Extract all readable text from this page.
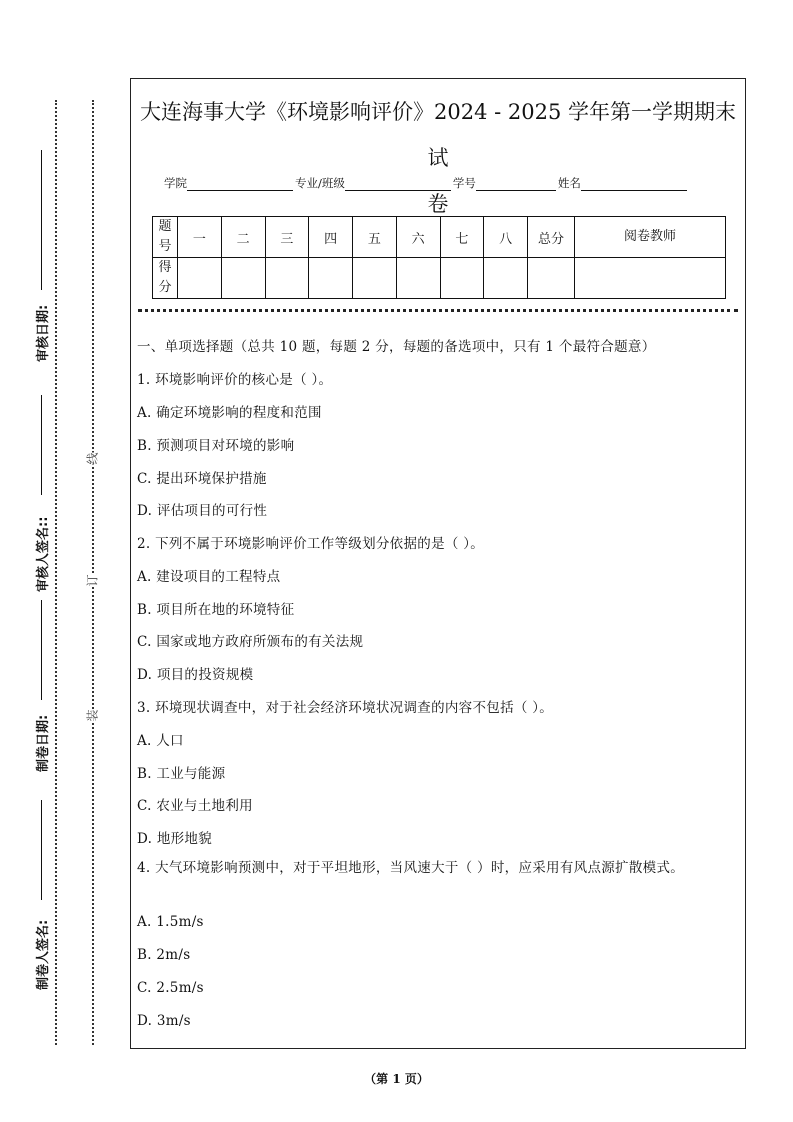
线
订
装
审核日期:
审核人签名::
制卷日期:
制卷人签名:
大连海事大学《环境影响评价》2024 - 2025 学年第一学期期末试
卷
学院	专业/班级	学号	姓名
题号	一	二	三	四	五	六	七	八	总分	阅卷教师
得分										
一、单项选择题（总共 10 题，每题 2 分，每题的备选项中，只有 1 个最符合题意）
1. 环境影响评价的核心是（ ）。
A. 确定环境影响的程度和范围
B. 预测项目对环境的影响
C. 提出环境保护措施
D. 评估项目的可行性
2. 下列不属于环境影响评价工作等级划分依据的是（ ）。
A. 建设项目的工程特点
B. 项目所在地的环境特征
C. 国家或地方政府所颁布的有关法规
D. 项目的投资规模
3. 环境现状调查中，对于社会经济环境状况调查的内容不包括（ ）。
A. 人口
B. 工业与能源
C. 农业与土地利用
D. 地形地貌
4. 大气环境影响预测中，对于平坦地形，当风速大于（ ）时，应采用有风点源扩散模式。
A. 1.5m/s
B. 2m/s
C. 2.5m/s
D. 3m/s
（第 1 页）
